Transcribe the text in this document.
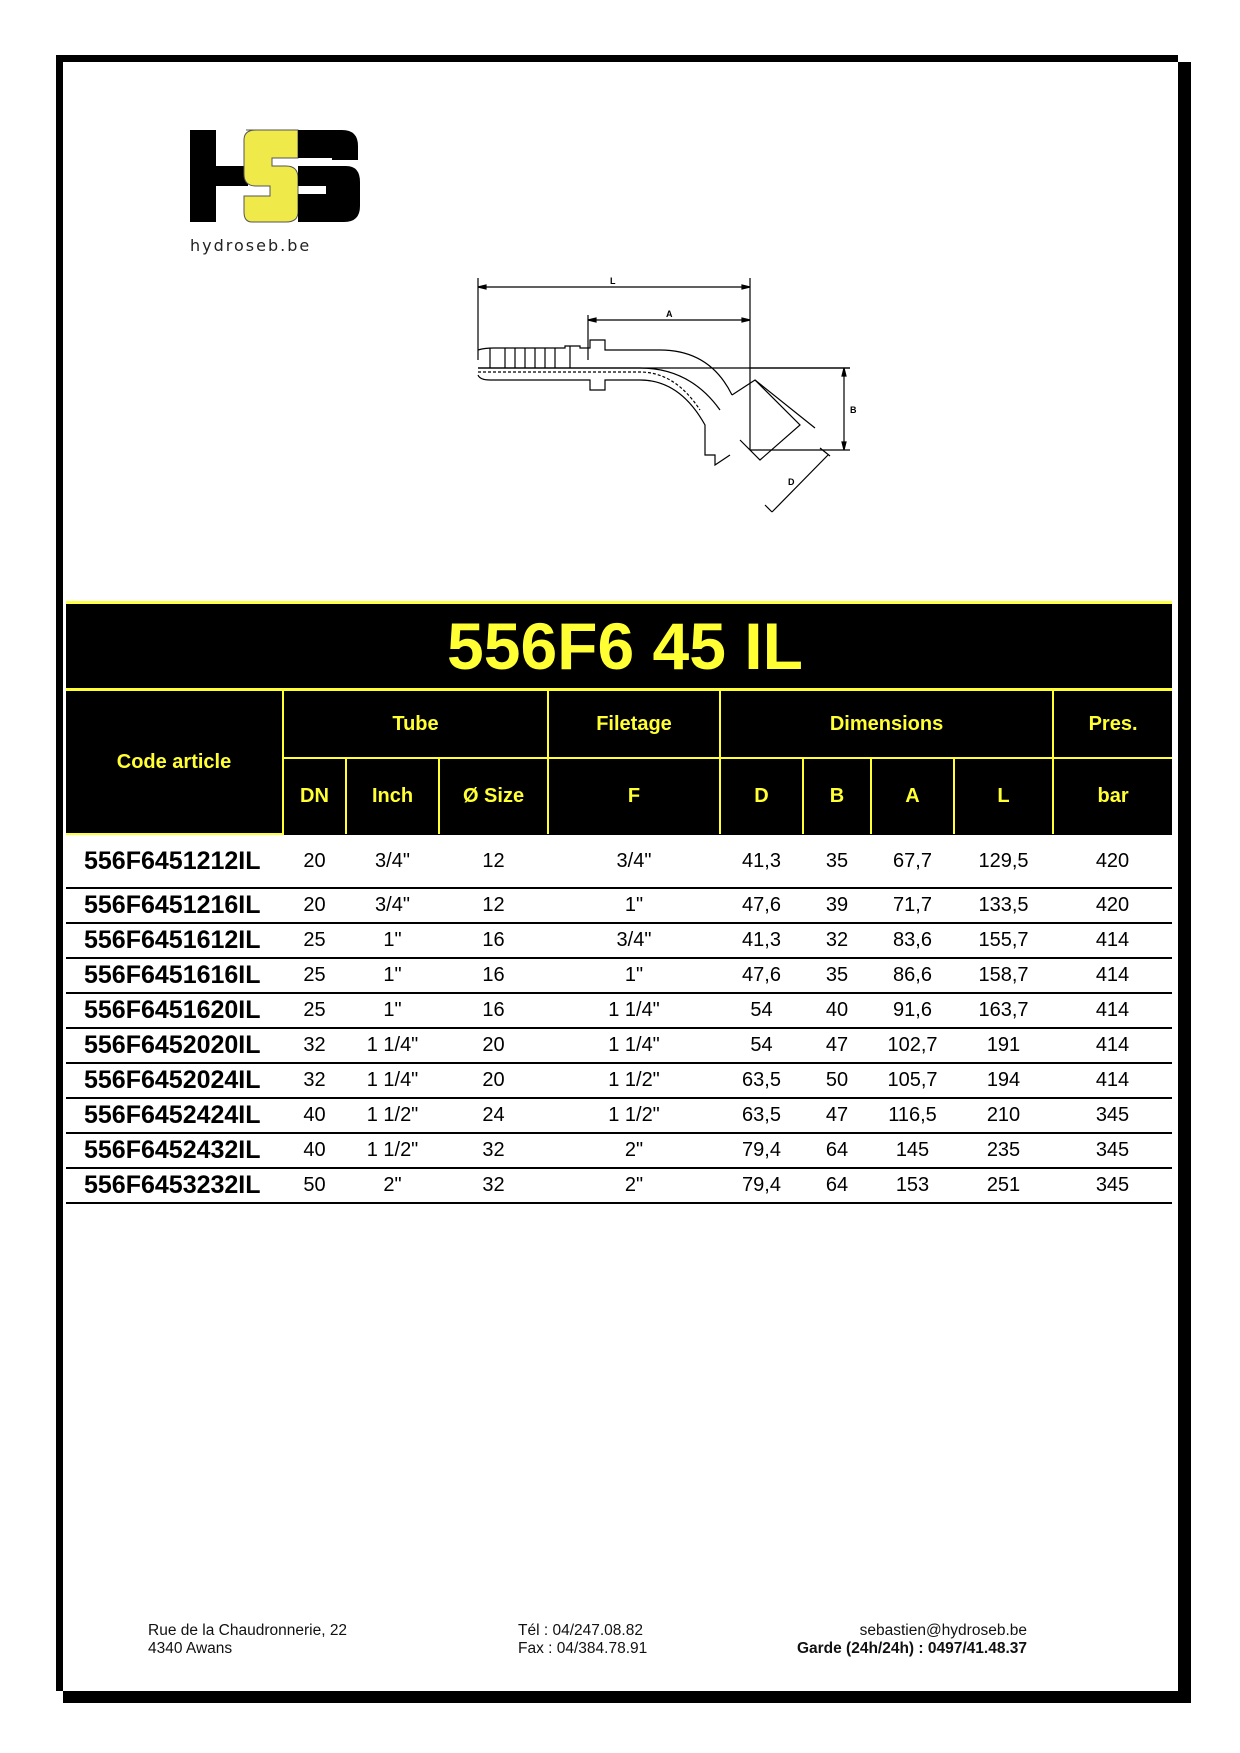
hydroseb.be
L
A
B
D
556F6 45 IL
Code article	Tube			Filetage	Dimensions				Pres.
	DN	Inch	Ø Size	F	D	B	A	L	bar
556F6451212IL	20	3/4"	12	3/4"	41,3	35	67,7	129,5	420
556F6451216IL	20	3/4"	12	1"	47,6	39	71,7	133,5	420
556F6451612IL	25	1"	16	3/4"	41,3	32	83,6	155,7	414
556F6451616IL	25	1"	16	1"	47,6	35	86,6	158,7	414
556F6451620IL	25	1"	16	1 1/4"	54	40	91,6	163,7	414
556F6452020IL	32	1 1/4"	20	1 1/4"	54	47	102,7	191	414
556F6452024IL	32	1 1/4"	20	1 1/2"	63,5	50	105,7	194	414
556F6452424IL	40	1 1/2"	24	1 1/2"	63,5	47	116,5	210	345
556F6452432IL	40	1 1/2"	32	2"	79,4	64	145	235	345
556F6453232IL	50	2"	32	2"	79,4	64	153	251	345
Rue de la Chaudronnerie, 22
4340 Awans
Tél : 04/247.08.82
Fax : 04/384.78.91
sebastien@hydroseb.be
Garde (24h/24h) : 0497/41.48.37
